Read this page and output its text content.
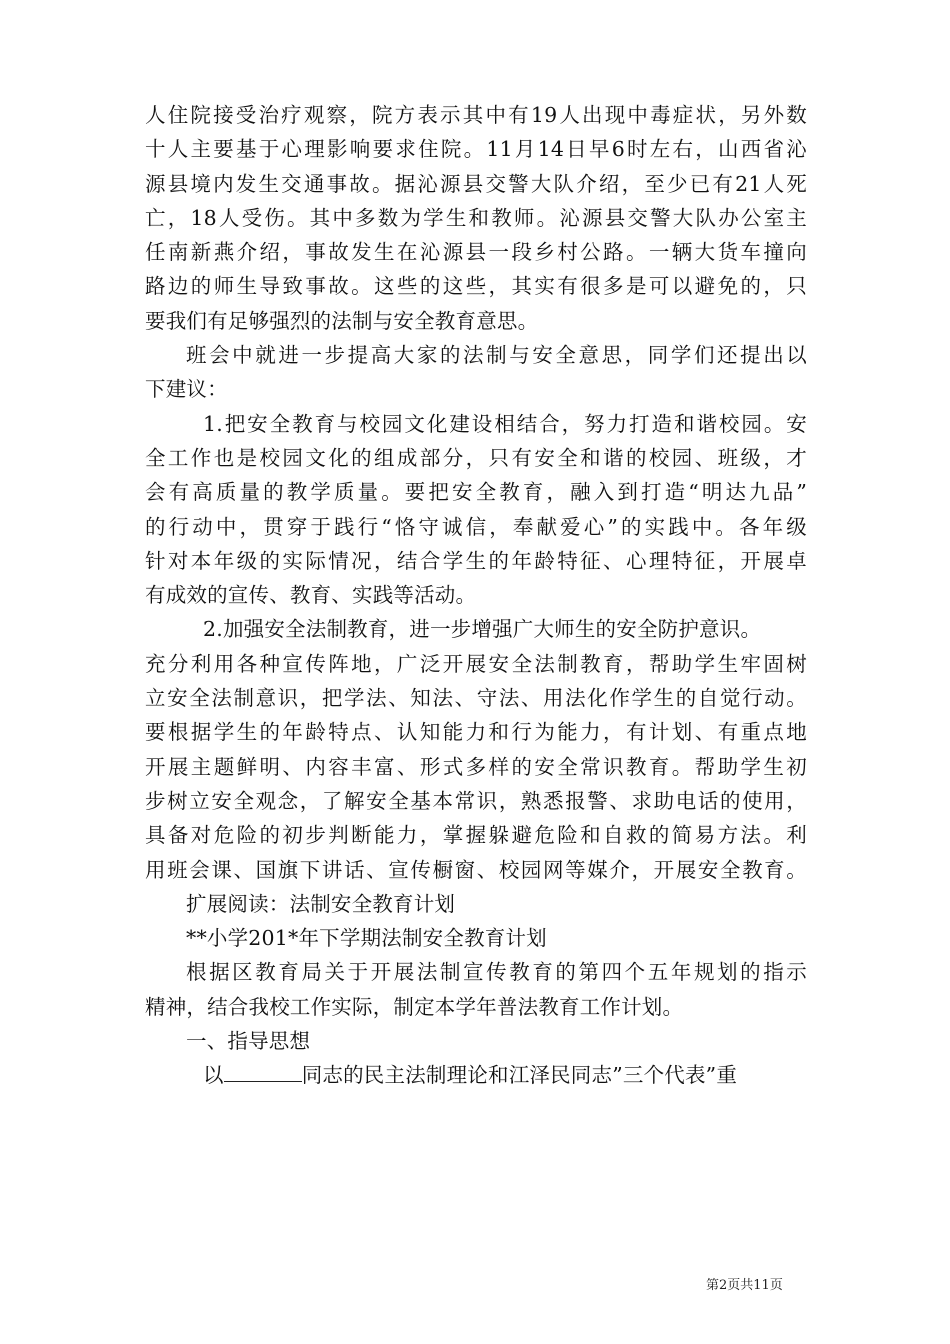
人住院接受治疗观察，院方表示其中有19人出现中毒症状，另外数
十人主要基于心理影响要求住院。11月14日早6时左右，山西省沁
源县境内发生交通事故。据沁源县交警大队介绍，至少已有21人死
亡，18人受伤。其中多数为学生和教师。沁源县交警大队办公室主
任南新燕介绍，事故发生在沁源县一段乡村公路。一辆大货车撞向
路边的师生导致事故。这些的这些，其实有很多是可以避免的，只
要我们有足够强烈的法制与安全教育意思。
班会中就进一步提高大家的法制与安全意思，同学们还提出以
下建议：
1.把安全教育与校园文化建设相结合，努力打造和谐校园。安
全工作也是校园文化的组成部分，只有安全和谐的校园、班级，才
会有高质量的教学质量。要把安全教育，融入到打造“明达九品”
的行动中，贯穿于践行“恪守诚信，奉献爱心”的实践中。各年级
针对本年级的实际情况，结合学生的年龄特征、心理特征，开展卓
有成效的宣传、教育、实践等活动。
2.加强安全法制教育，进一步增强广大师生的安全防护意识。
充分利用各种宣传阵地，广泛开展安全法制教育，帮助学生牢固树
立安全法制意识，把学法、知法、守法、用法化作学生的自觉行动。
要根据学生的年龄特点、认知能力和行为能力，有计划、有重点地
开展主题鲜明、内容丰富、形式多样的安全常识教育。帮助学生初
步树立安全观念，了解安全基本常识，熟悉报警、求助电话的使用，
具备对危险的初步判断能力，掌握躲避危险和自救的简易方法。利
用班会课、国旗下讲话、宣传橱窗、校园网等媒介，开展安全教育。
扩展阅读：法制安全教育计划
**小学201*年下学期法制安全教育计划
根据区教育局关于开展法制宣传教育的第四个五年规划的指示
精神，结合我校工作实际，制定本学年普法教育工作计划。
一、指导思想
以	同志的民主法制理论和江泽民同志”三个代表”重
第2页共11页
